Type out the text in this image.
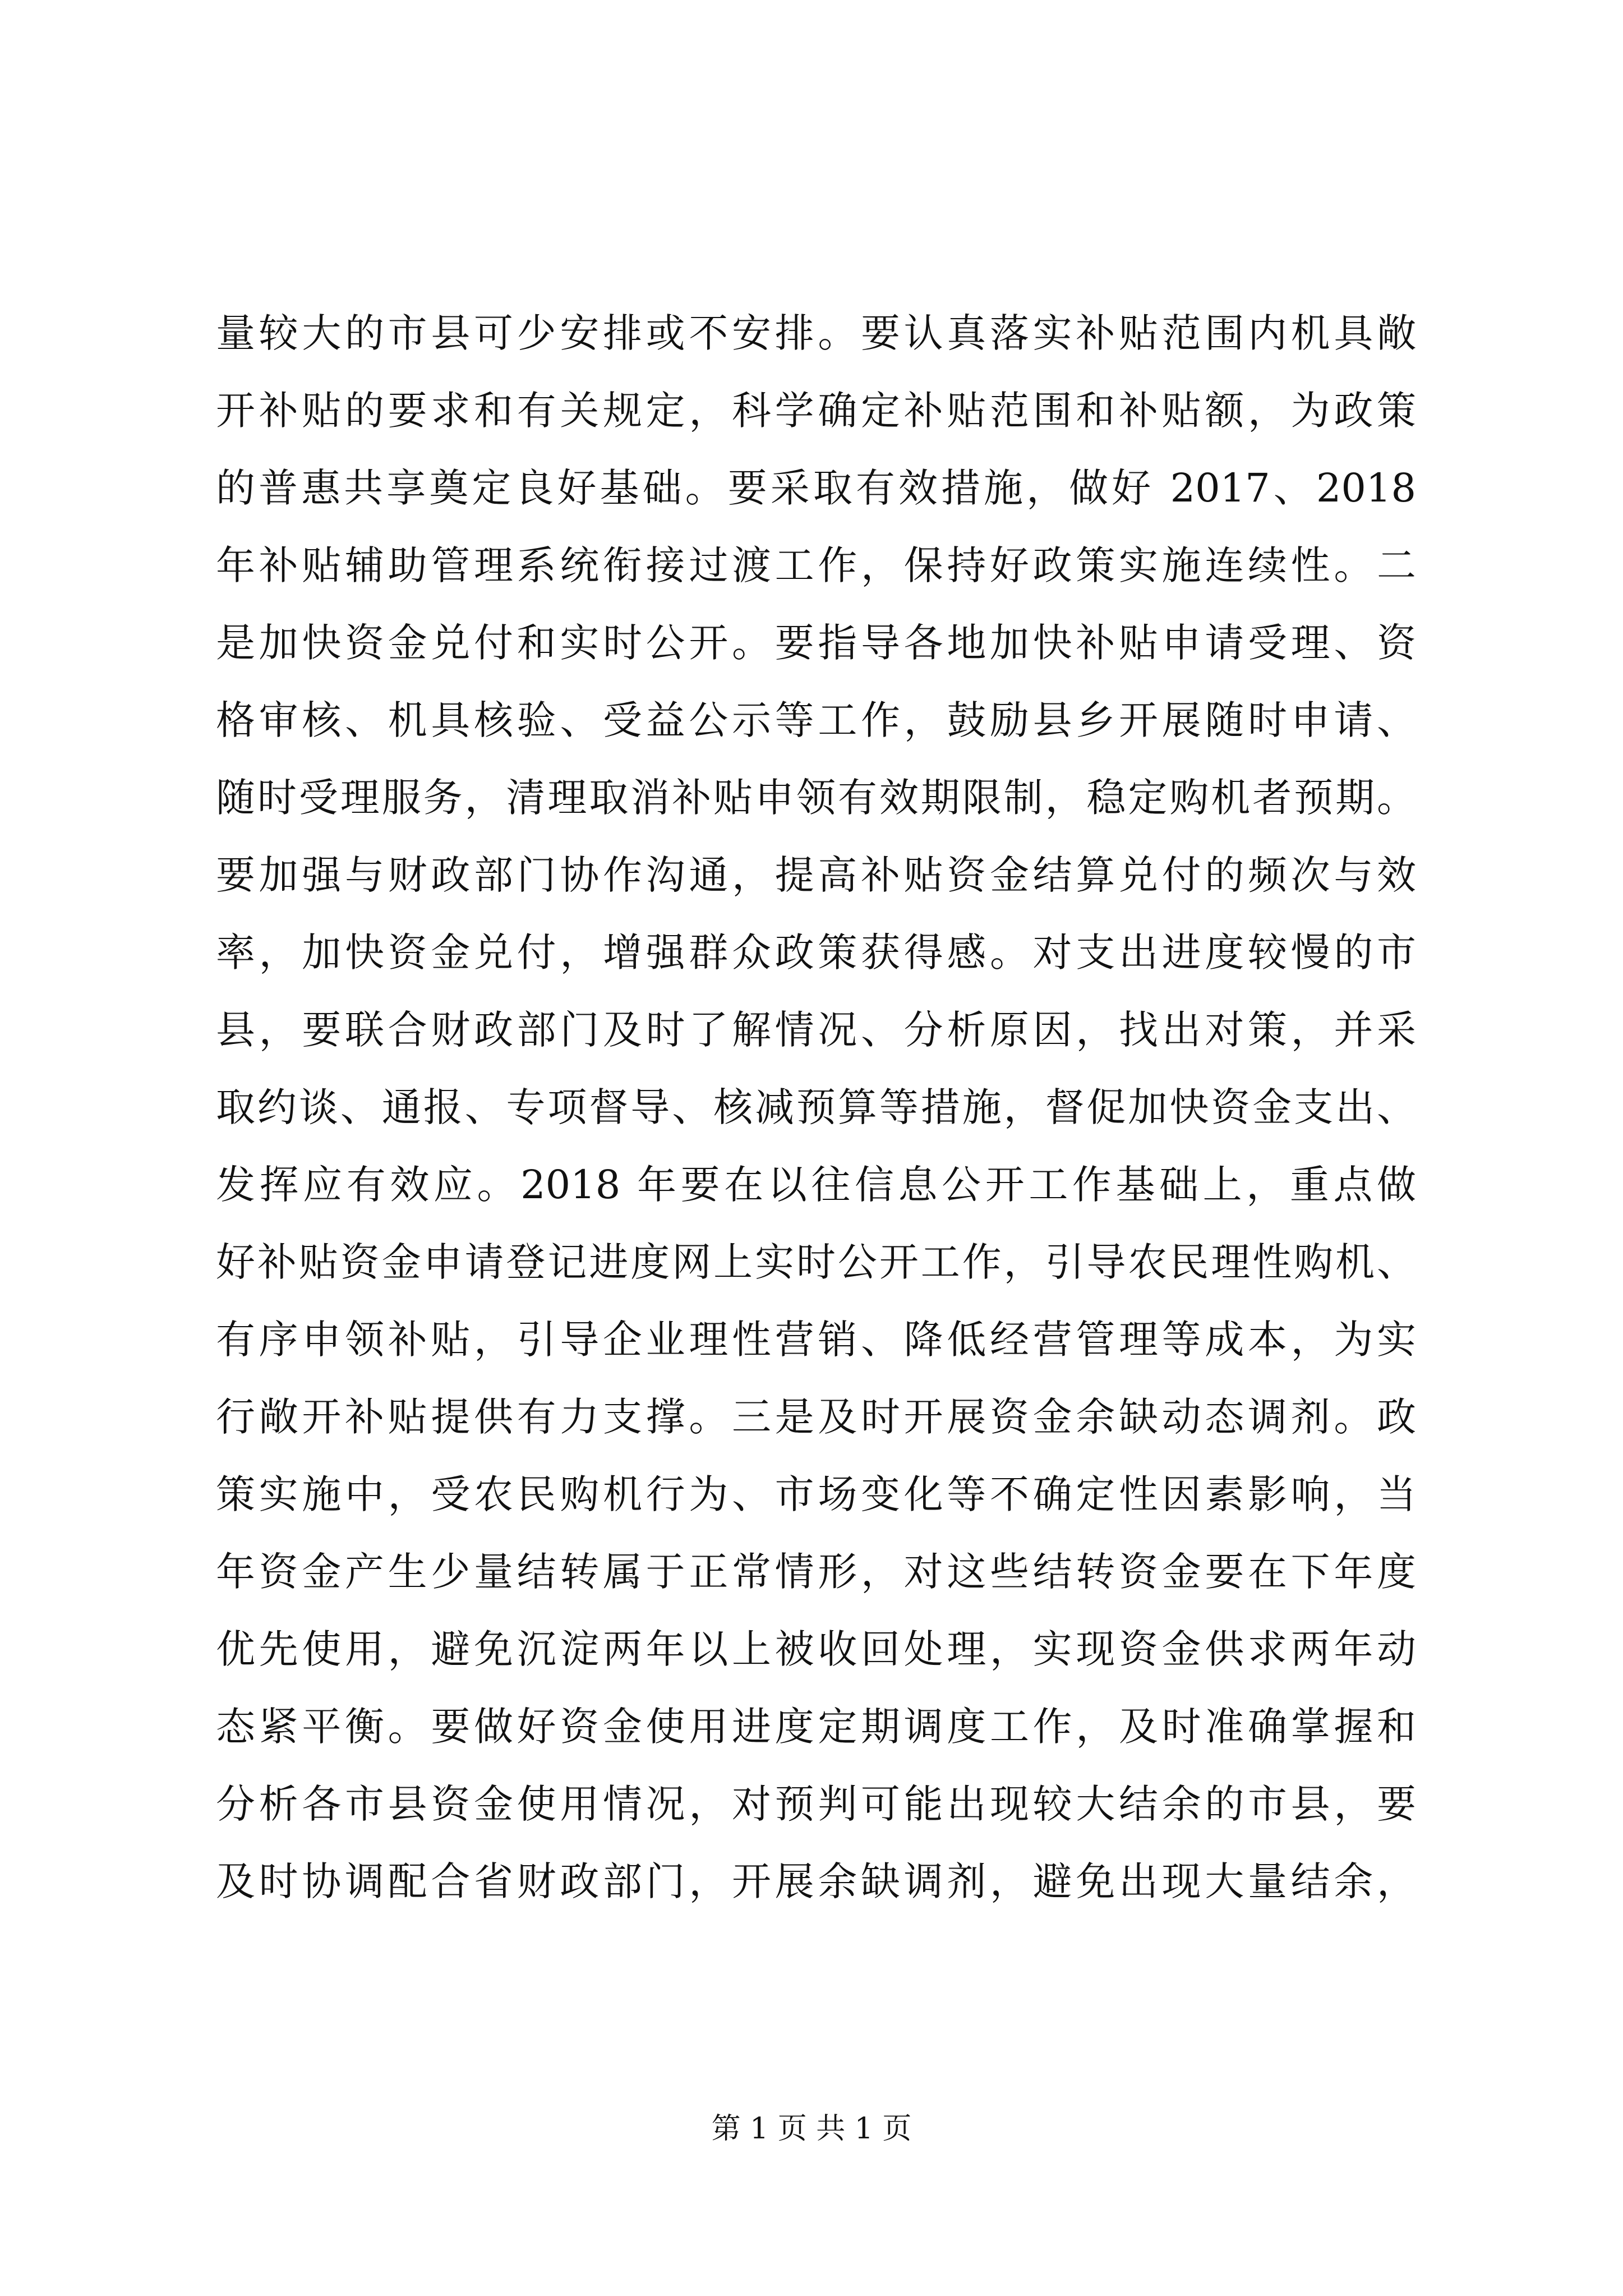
量较大的市县可少安排或不安排。要认真落实补贴范围内机具敞
开补贴的要求和有关规定，科学确定补贴范围和补贴额，为政策
的普惠共享奠定良好基础。要采取有效措施，做好 2017、2018
年补贴辅助管理系统衔接过渡工作，保持好政策实施连续性。二
是加快资金兑付和实时公开。要指导各地加快补贴申请受理、资
格审核、机具核验、受益公示等工作，鼓励县乡开展随时申请、
随时受理服务，清理取消补贴申领有效期限制，稳定购机者预期。
要加强与财政部门协作沟通，提高补贴资金结算兑付的频次与效
率，加快资金兑付，增强群众政策获得感。对支出进度较慢的市
县，要联合财政部门及时了解情况、分析原因，找出对策，并采
取约谈、通报、专项督导、核减预算等措施，督促加快资金支出、
发挥应有效应。2018 年要在以往信息公开工作基础上，重点做
好补贴资金申请登记进度网上实时公开工作，引导农民理性购机、
有序申领补贴，引导企业理性营销、降低经营管理等成本，为实
行敞开补贴提供有力支撑。三是及时开展资金余缺动态调剂。政
策实施中，受农民购机行为、市场变化等不确定性因素影响，当
年资金产生少量结转属于正常情形，对这些结转资金要在下年度
优先使用，避免沉淀两年以上被收回处理，实现资金供求两年动
态紧平衡。要做好资金使用进度定期调度工作，及时准确掌握和
分析各市县资金使用情况，对预判可能出现较大结余的市县，要
及时协调配合省财政部门，开展余缺调剂，避免出现大量结余，
第 1 页 共 1 页
